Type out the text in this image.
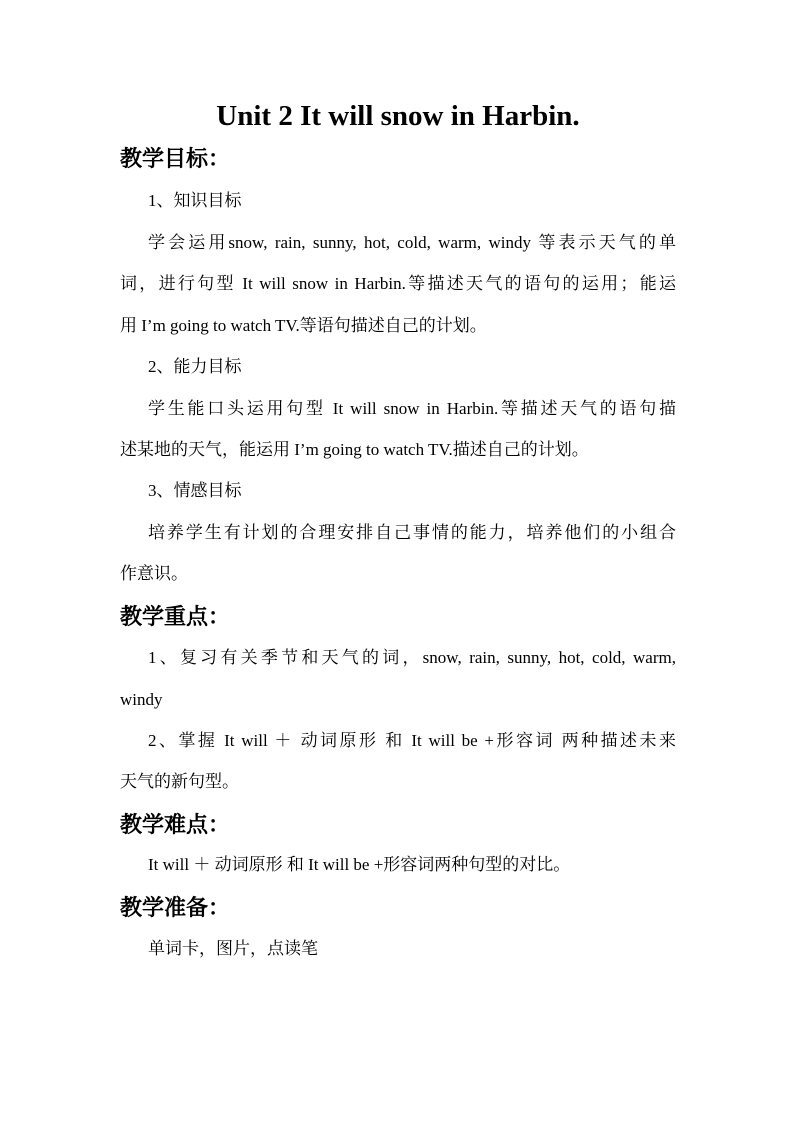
Unit 2 It will snow in Harbin.
教学目标：
1、知识目标
学会运用snow, rain, sunny, hot, cold, warm, windy 等表示天气的单
词，进行句型 It will snow in Harbin.等描述天气的语句的运用；能运
用 I’m going to watch TV.等语句描述自己的计划。
2、能力目标
学生能口头运用句型 It will snow in Harbin.等描述天气的语句描
述某地的天气，能运用 I’m going to watch TV.描述自己的计划。
3、情感目标
培养学生有计划的合理安排自己事情的能力，培养他们的小组合
作意识。
教学重点：
1、复习有关季节和天气的词，snow, rain, sunny, hot, cold, warm,
windy
2、掌握 It will ＋ 动词原形 和 It will be +形容词 两种描述未来
天气的新句型。
教学难点：
It will ＋ 动词原形 和 It will be +形容词两种句型的对比。
教学准备：
单词卡，图片，点读笔
